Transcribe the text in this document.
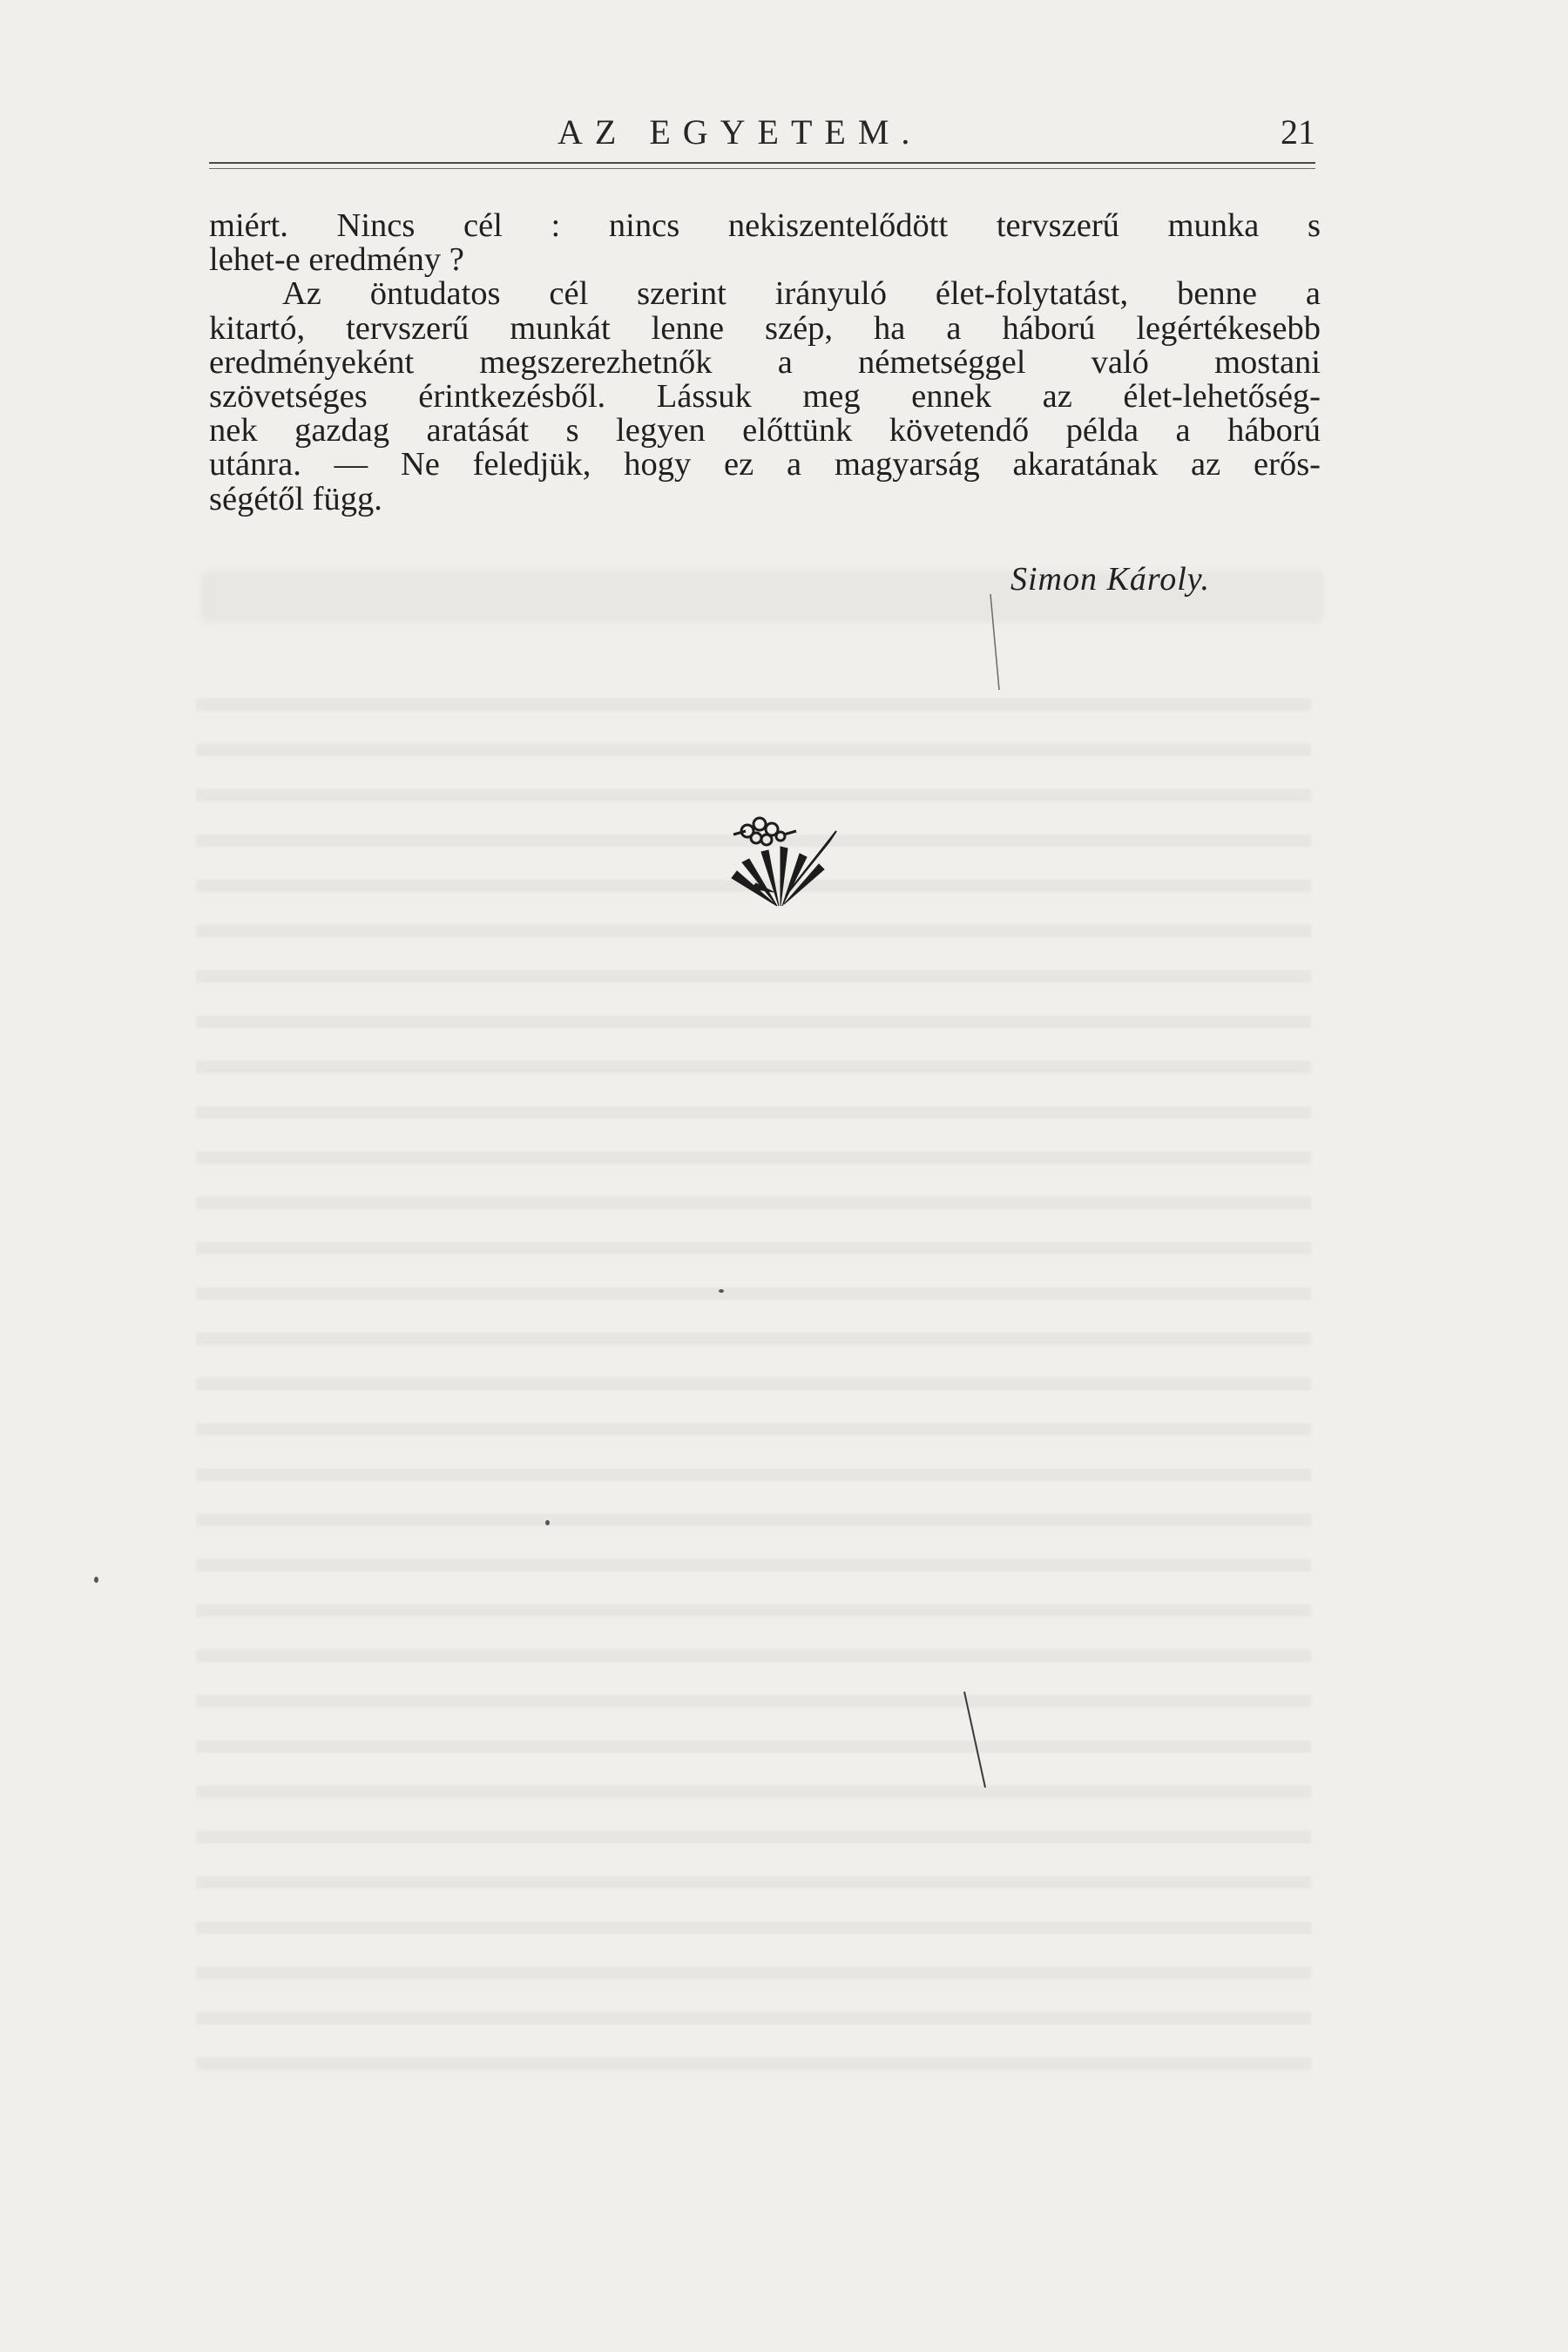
AZ EGYETEM.	21
miért. Nincs cél : nincs nekiszentelődött tervszerű munka s
lehet-e eredmény ?
Az öntudatos cél szerint irányuló élet-folytatást, benne a
kitartó, tervszerű munkát lenne szép, ha a háború legértékesebb
eredményeként megszerezhetnők a németséggel való mostani
szövetséges érintkezésből. Lássuk meg ennek az élet-lehetőség-
nek gazdag aratását s legyen előttünk követendő példa a háború
utánra. — Ne feledjük, hogy ez a magyarság akaratának az erős-
ségétől függ.
Simon Károly.
